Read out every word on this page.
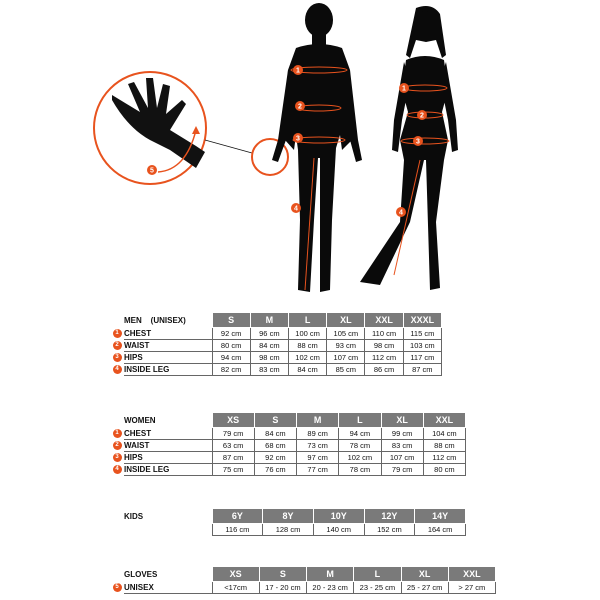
5
1
2
3
4
1
2
3
4
MEN (UNISEX)		S	M	L	XL	XXL	XXXL
1	CHEST	92 cm	96 cm	100 cm	105 cm	110 cm	115 cm
2	WAIST	80 cm	84 cm	88 cm	93 cm	98 cm	103 cm
3	HIPS	94 cm	98 cm	102 cm	107 cm	112 cm	117 cm
4	INSIDE LEG	82 cm	83 cm	84 cm	85 cm	86 cm	87 cm
WOMEN		XS	S	M	L	XL	XXL
1	CHEST	79 cm	84 cm	89 cm	94 cm	99 cm	104 cm
2	WAIST	63 cm	68 cm	73 cm	78 cm	83 cm	88 cm
3	HIPS	87 cm	92 cm	97 cm	102 cm	107 cm	112 cm
4	INSIDE LEG	75 cm	76 cm	77 cm	78 cm	79 cm	80 cm
KIDS		6Y	8Y	10Y	12Y	14Y
		116 cm	128 cm	140 cm	152 cm	164 cm
GLOVES		XS	S	M	L	XL	XXL
5	UNISEX	<17cm	17 - 20 cm	20 - 23 cm	23 - 25 cm	25 - 27 cm	> 27 cm
